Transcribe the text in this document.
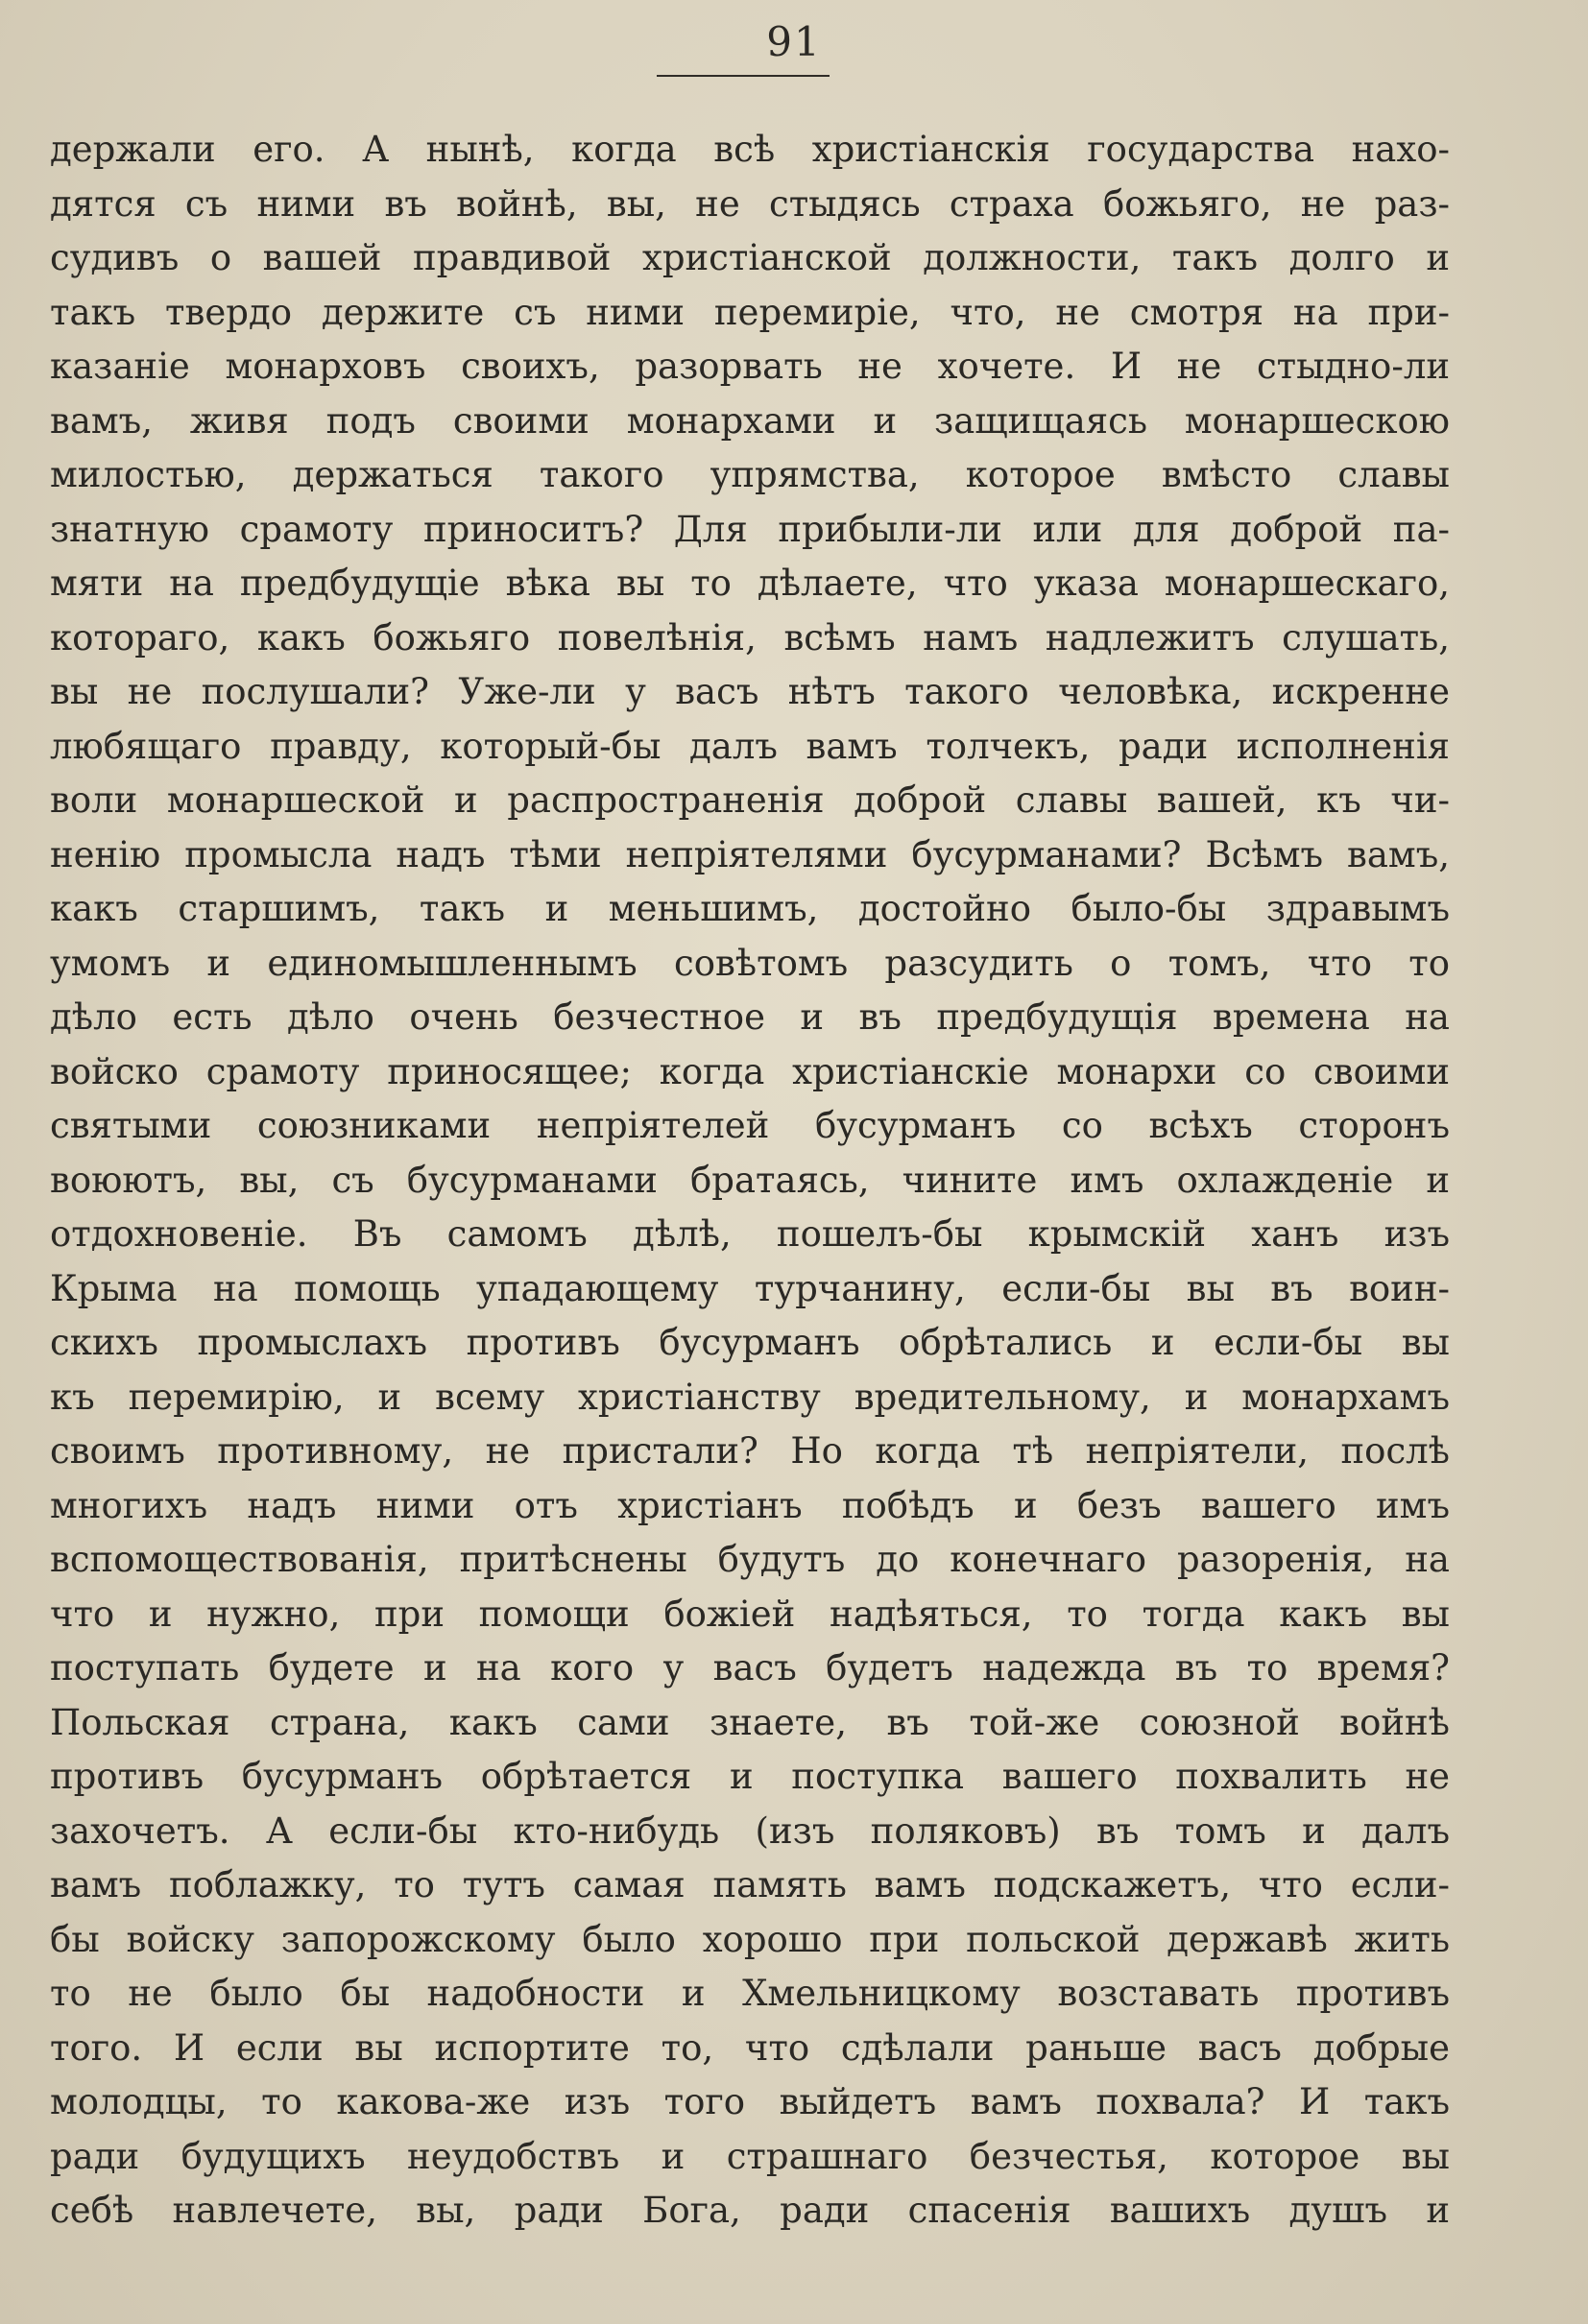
91
держали его. А нынѣ, когда всѣ христіанскія государства нахо-
дятся съ ними въ войнѣ, вы, не стыдясь страха божьяго, не раз-
судивъ о вашей правдивой христіанской должности, такъ долго и
такъ твердо держите съ ними перемиріе, что, не смотря на при-
казаніе монарховъ своихъ, разорвать не хочете. И не стыдно-ли
вамъ, живя подъ своими монархами и защищаясь монаршескою
милостью, держаться такого упрямства, которое вмѣсто славы
знатную срамоту приноситъ? Для прибыли-ли или для доброй па-
мяти на предбудущіе вѣка вы то дѣлаете, что указа монаршескаго,
котораго, какъ божьяго повелѣнія, всѣмъ намъ надлежитъ слушать,
вы не послушали? Уже-ли у васъ нѣтъ такого человѣка, искренне
любящаго правду, который-бы далъ вамъ толчекъ, ради исполненія
воли монаршеской и распространенія доброй славы вашей, къ чи-
ненію промысла надъ тѣми непріятелями бусурманами? Всѣмъ вамъ,
какъ старшимъ, такъ и меньшимъ, достойно было-бы здравымъ
умомъ и единомышленнымъ совѣтомъ разсудить о томъ, что то
дѣло есть дѣло очень безчестное и въ предбудущія времена на
войско срамоту приносящее; когда христіанскіе монархи со своими
святыми союзниками непріятелей бусурманъ со всѣхъ сторонъ
воюютъ, вы, съ бусурманами братаясь, чините имъ охлажденіе и
отдохновеніе. Въ самомъ дѣлѣ, пошелъ-бы крымскій ханъ изъ
Крыма на помощь упадающему турчанину, если-бы вы въ воин-
скихъ промыслахъ противъ бусурманъ обрѣтались и если-бы вы
къ перемирію, и всему христіанству вредительному, и монархамъ
своимъ противному, не пристали? Но когда тѣ непріятели, послѣ
многихъ надъ ними отъ христіанъ побѣдъ и безъ вашего имъ
вспомоществованія, притѣснены будутъ до конечнаго разоренія, на
что и нужно, при помощи божіей надѣяться, то тогда какъ вы
поступать будете и на кого у васъ будетъ надежда въ то время?
Польская страна, какъ сами знаете, въ той-же союзной войнѣ
противъ бусурманъ обрѣтается и поступка вашего похвалить не
захочетъ. А если-бы кто-нибудь (изъ поляковъ) въ томъ и далъ
вамъ поблажку, то тутъ самая память вамъ подскажетъ, что если-
бы войску запорожскому было хорошо при польской державѣ жить
то не было бы надобности и Хмельницкому возставать противъ
того. И если вы испортите то, что сдѣлали раньше васъ добрые
молодцы, то какова-же изъ того выйдетъ вамъ похвала? И такъ
ради будущихъ неудобствъ и страшнаго безчестья, которое вы
себѣ навлечете, вы, ради Бога, ради спасенія вашихъ душъ и
